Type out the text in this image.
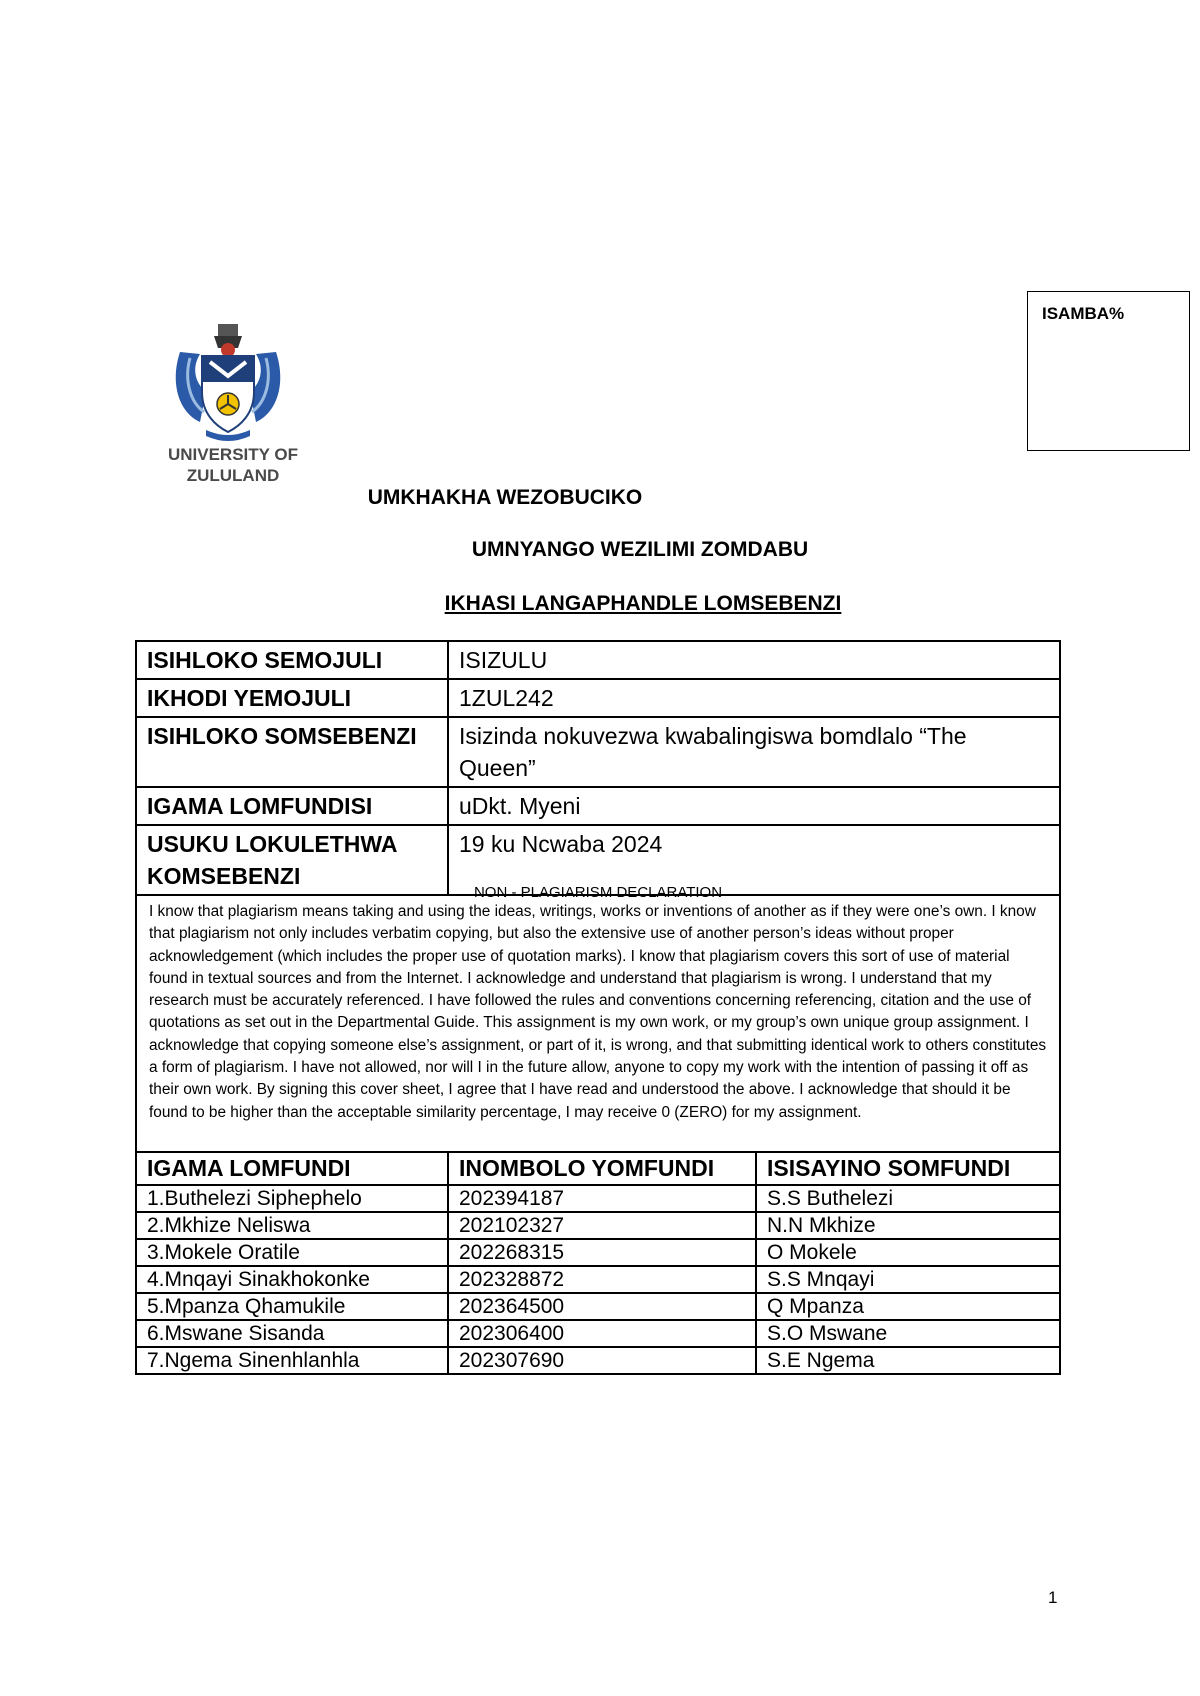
UNIVERSITY OF
ZULULAND
ISAMBA%
UMKHAKHA WEZOBUCIKO
UMNYANGO WEZILIMI ZOMDABU
IKHASI LANGAPHANDLE LOMSEBENZI
ISIHLOKO SEMOJULI	ISIZULU
IKHODI YEMOJULI	1ZUL242
ISIHLOKO SOMSEBENZI	Isizinda nokuvezwa kwabalingiswa bomdlalo “The Queen”
IGAMA LOMFUNDISI	uDkt. Myeni
USUKU LOKULETHWA KOMSEBENZI	19 ku Ncwaba 2024
NON - PLAGIARISM DECLARATION
I know that plagiarism means taking and using the ideas, writings, works or inventions of another as if they were one’s own. I know that plagiarism not only includes verbatim copying, but also the extensive use of another person’s ideas without proper acknowledgement (which includes the proper use of quotation marks). I know that plagiarism covers this sort of use of material found in textual sources and from the Internet. I acknowledge and understand that plagiarism is wrong. I understand that my research must be accurately referenced. I have followed the rules and conventions concerning referencing, citation and the use of quotations as set out in the Departmental Guide. This assignment is my own work, or my group’s own unique group assignment. I acknowledge that copying someone else’s assignment, or part of it, is wrong, and that submitting identical work to others constitutes a form of plagiarism. I have not allowed, nor will I in the future allow, anyone to copy my work with the intention of passing it off as their own work. By signing this cover sheet, I agree that I have read and understood the above. I acknowledge that should it be found to be higher than the acceptable similarity percentage, I may receive 0 (ZERO) for my assignment.
IGAMA LOMFUNDI	INOMBOLO YOMFUNDI	ISISAYINO SOMFUNDI
1.Buthelezi Siphephelo	202394187	S.S Buthelezi
2.Mkhize Neliswa	202102327	N.N Mkhize
3.Mokele Oratile	202268315	O Mokele
4.Mnqayi Sinakhokonke	202328872	S.S Mnqayi
5.Mpanza Qhamukile	202364500	Q Mpanza
6.Mswane Sisanda	202306400	S.O Mswane
7.Ngema Sinenhlanhla	202307690	S.E Ngema
1
